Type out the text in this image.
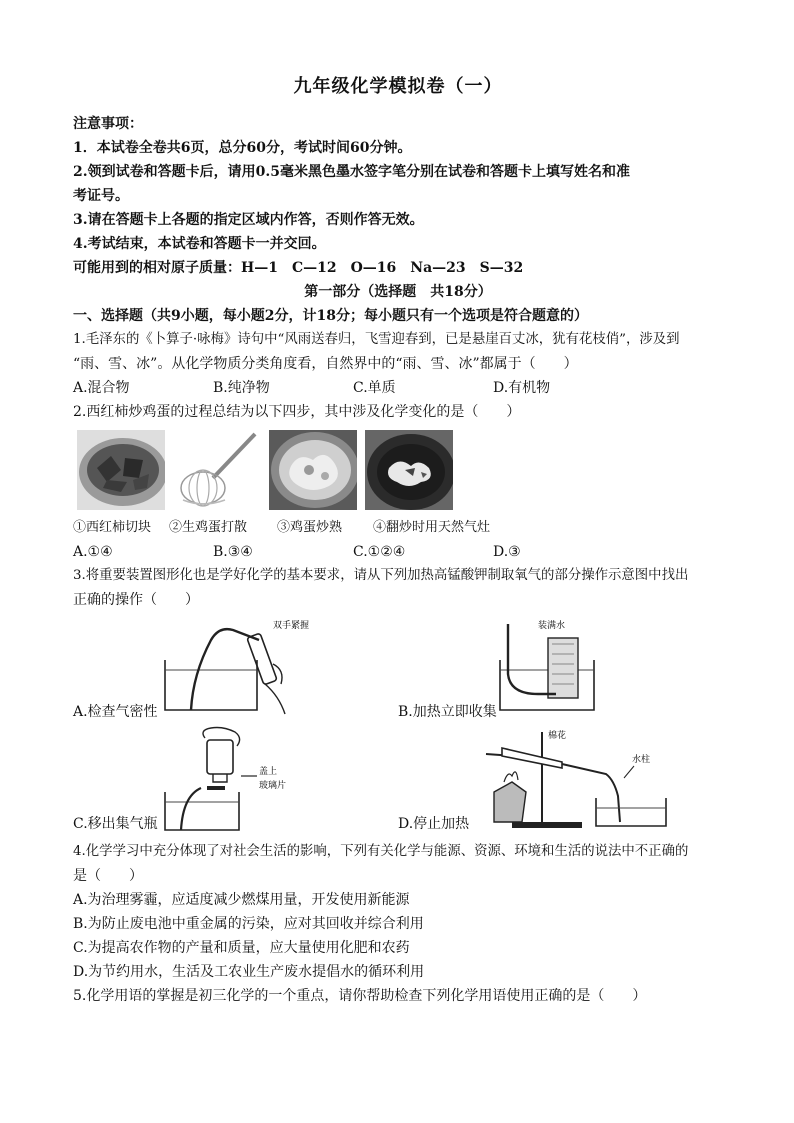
九年级化学模拟卷（一）
注意事项：
1．本试卷全卷共6页，总分60分，考试时间60分钟。
2.领到试卷和答题卡后，请用0.5毫米黑色墨水签字笔分别在试卷和答题卡上填写姓名和准
考证号。
3.请在答题卡上各题的指定区域内作答，否则作答无效。
4.考试结束，本试卷和答题卡一并交回。
可能用到的相对原子质量：H—1　C—12　O—16　Na—23　S—32
第一部分（选择题　共18分）
一、选择题（共9小题，每小题2分，计18分；每小题只有一个选项是符合题意的）
1.毛泽东的《卜算子·咏梅》诗句中“风雨送春归，飞雪迎春到，已是悬崖百丈冰，犹有花枝俏”，涉及到
“雨、雪、冰”。从化学物质分类角度看，自然界中的“雨、雪、冰”都属于（　　）
A.混合物	B.纯净物	C.单质	D.有机物
2.西红柿炒鸡蛋的过程总结为以下四步，其中涉及化学变化的是（　　）
①西红柿切块	②生鸡蛋打散	③鸡蛋炒熟	④翻炒时用天然气灶
A.①④	B.③④	C.①②④	D.③
3.将重要装置图形化也是学好化学的基本要求，请从下列加热高锰酸钾制取氧气的部分操作示意图中找出
正确的操作（　　）
A.检查气密性
双手紧握
B.加热立即收集
装满水
C.移出集气瓶
盖上
玻璃片
D.停止加热
棉花
水柱
4.化学学习中充分体现了对社会生活的影响，下列有关化学与能源、资源、环境和生活的说法中不正确的
是（　　）
A.为治理雾霾，应适度减少燃煤用量，开发使用新能源
B.为防止废电池中重金属的污染，应对其回收并综合利用
C.为提高农作物的产量和质量，应大量使用化肥和农药
D.为节约用水，生活及工农业生产废水提倡水的循环利用
5.化学用语的掌握是初三化学的一个重点，请你帮助检查下列化学用语使用正确的是（　　）
